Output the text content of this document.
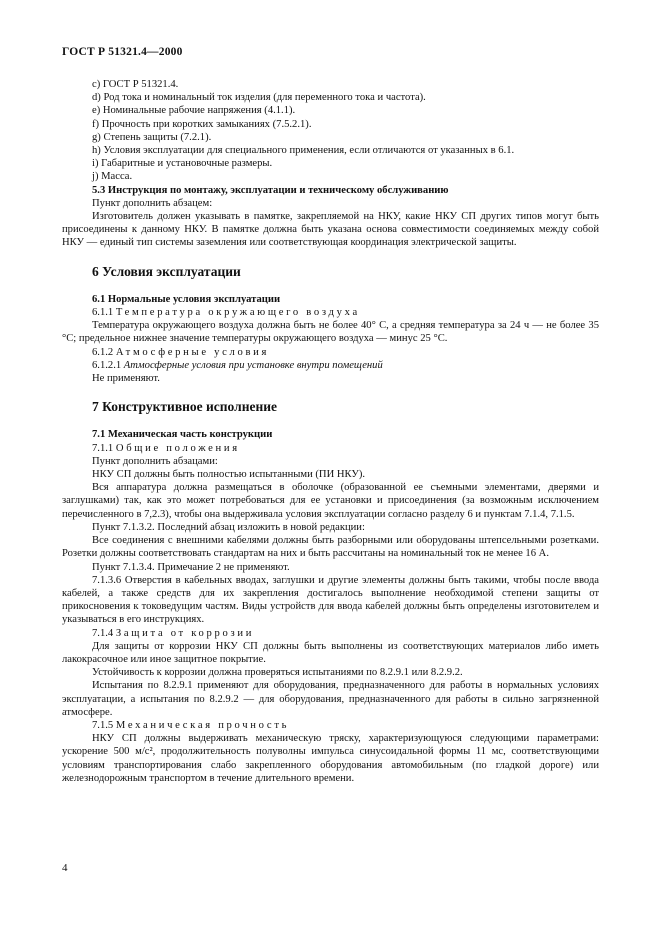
ГОСТ Р 51321.4—2000

c) ГОСТ Р 51321.4.

d) Род тока и номинальный ток изделия (для переменного тока и частота).

e) Номинальные рабочие напряжения (4.1.1).

f) Прочность при коротких замыканиях (7.5.2.1).

g) Степень защиты (7.2.1).

h) Условия эксплуатации для специального применения, если отличаются от указанных в 6.1.

i) Габаритные и установочные размеры.

j) Масса.

5.3 Инструкция по монтажу, эксплуатации и техническому обслуживанию

Пункт дополнить абзацем:

Изготовитель должен указывать в памятке, закрепляемой на НКУ, какие НКУ СП других типов могут быть присоединены к данному НКУ. В памятке должна быть указана основа совместимости соединяемых между собой НКУ — единый тип системы заземления или соответствующая координация электрической защиты.

6 Условия эксплуатации

6.1 Нормальные условия эксплуатации

6.1.1 Температура окружающего воздуха

Температура окружающего воздуха должна быть не более 40° С, а средняя температура за 24 ч — не более 35 °С; предельное нижнее значение температуры окружающего воздуха — минус 25 °С.

6.1.2 Атмосферные условия

6.1.2.1 Атмосферные условия при установке внутри помещений

Не применяют.

7 Конструктивное исполнение

7.1 Механическая часть конструкции

7.1.1 Общие положения

Пункт дополнить абзацами:

НКУ СП должны быть полностью испытанными (ПИ НКУ).

Вся аппаратура должна размещаться в оболочке (образованной ее съемными элементами, дверями и заглушками) так, как это может потребоваться для ее установки и присоединения (за возможным исключением перечисленного в 7,2.3), чтобы она выдерживала условия эксплуатации согласно разделу 6 и пунктам 7.1.4, 7.1.5.

Пункт 7.1.3.2. Последний абзац изложить в новой редакции:

Все соединения с внешними кабелями должны быть разборными или оборудованы штепсельными розетками. Розетки должны соответствовать стандартам на них и быть рассчитаны на номинальный ток не менее 16 А.

Пункт 7.1.3.4. Примечание 2 не применяют.

7.1.3.6 Отверстия в кабельных вводах, заглушки и другие элементы должны быть такими, чтобы после ввода кабелей, а также средств для их закрепления достигалось выполнение необходимой степени защиты от прикосновения к токоведущим частям. Виды устройств для ввода кабелей должны быть определены изготовителем и указываться в его инструкциях.

7.1.4 Защита от коррозии

Для защиты от коррозии НКУ СП должны быть выполнены из соответствующих материалов либо иметь лакокрасочное или иное защитное покрытие.

Устойчивость к коррозии должна проверяться испытаниями по 8.2.9.1 или 8.2.9.2.

Испытания по 8.2.9.1 применяют для оборудования, предназначенного для работы в нормальных условиях эксплуатации, а испытания по 8.2.9.2 — для оборудования, предназначенного для работы в сильно загрязненной атмосфере.

7.1.5 Механическая прочность

НКУ СП должны выдерживать механическую тряску, характеризующуюся следующими параметрами: ускорение 500 м/с², продолжительность полуволны импульса синусоидальной формы 11 мс, соответствующими условиям транспортирования слабо закрепленного оборудования автомобильным (по гладкой дороге) или железнодорожным транспортом в течение длительного времени.

4
